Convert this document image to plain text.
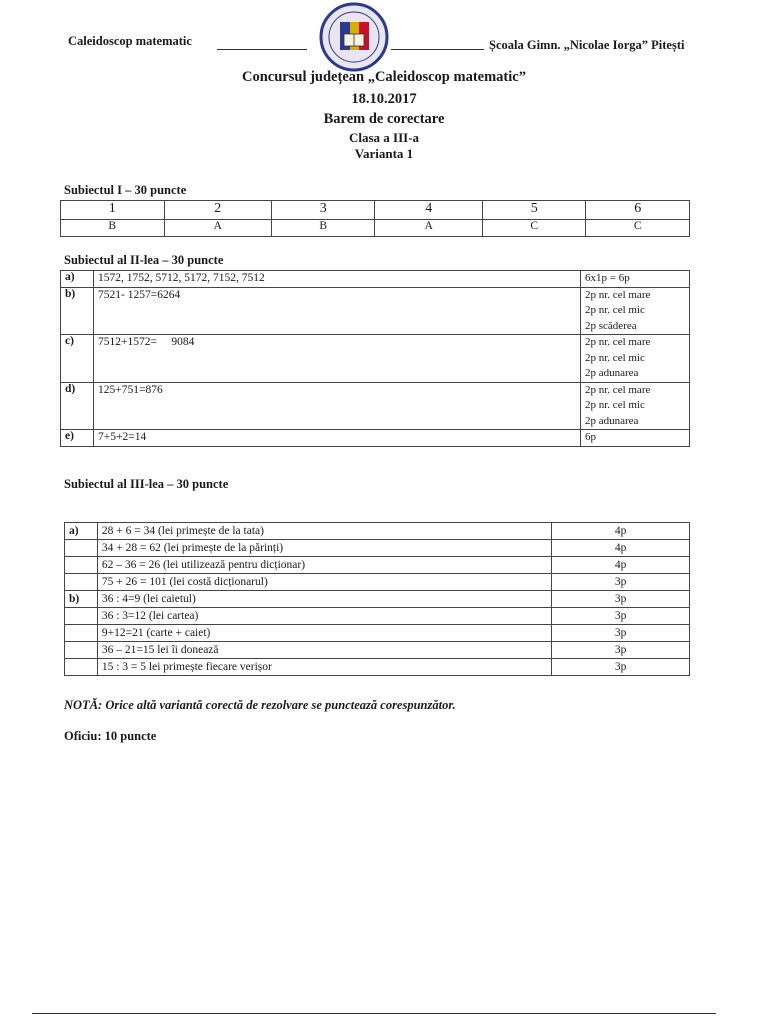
Caleidoscop matematic	Școala Gimn. „Nicolae Iorga” Pitești
Concursul județean „Caleidoscop matematic”
18.10.2017
Barem de corectare
Clasa a III-a
Varianta 1
Subiectul I – 30 puncte
1	2	3	4	5	6
B	A	B	A	C	C
Subiectul al II-lea – 30 puncte
a)	1572, 1752, 5712, 5172, 7152, 7512	6x1p = 6p

b)	7521- 1257=6264	2p nr. cel mare
2p nr. cel mic
2p scăderea

c)	7512+1572=     9084	2p nr. cel mare
2p nr. cel mic
2p adunarea

d)	125+751=876	2p nr. cel mare
2p nr. cel mic
2p adunarea

e)	7+5+2=14	6p
Subiectul al III-lea – 30 puncte
a)	28 + 6 = 34 (lei primește de la tata)	4p
	34 + 28 = 62 (lei primește de la părinți)	4p
	62 – 36 = 26 (lei utilizează pentru dicționar)	4p
	75 + 26 = 101 (lei costă dicționarul)	3p
b)	36 : 4=9 (lei caietul)	3p
	36 : 3=12 (lei cartea)	3p
	9+12=21 (carte + caiet)	3p
	36 – 21=15 lei îi donează	3p
	15 : 3 = 5 lei primește fiecare verișor	3p
NOTĂ: Orice altă variantă corectă de rezolvare se punctează corespunzător.
Oficiu: 10 puncte
